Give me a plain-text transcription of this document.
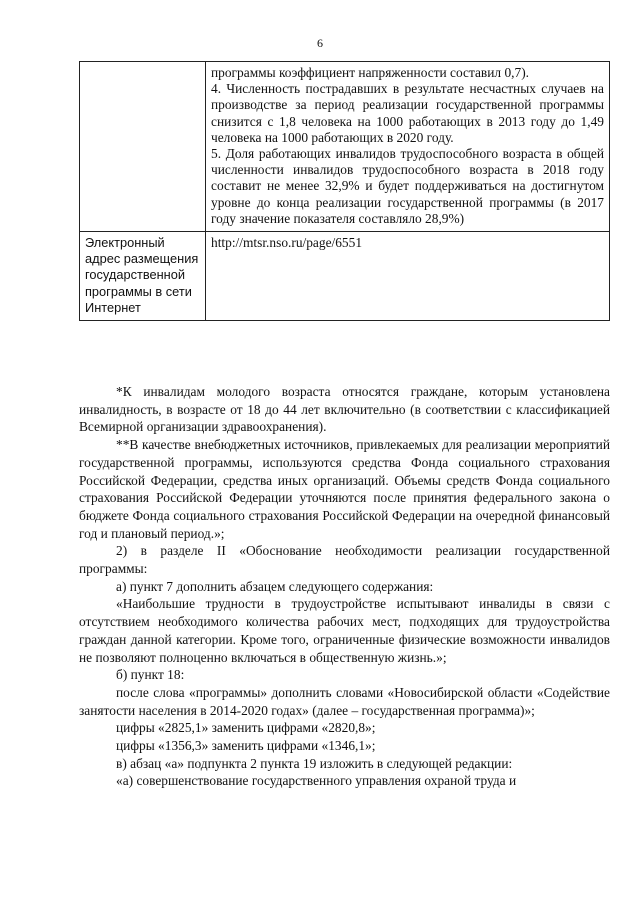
6

	программы коэффициент напряженности составил 0,7).
4. Численность пострадавших в результате несчастных случаев на производстве за период реализации государственной программы снизится с 1,8 человека на 1000 работающих в 2013 году до 1,49 человека на 1000 работающих в 2020 году.
5. Доля работающих инвалидов трудоспособного возраста в общей численности инвалидов трудоспособного возраста в 2018 году составит не менее 32,9% и будет поддерживаться на достигнутом уровне до конца реализации государственной программы (в 2017 году значение показателя составляло 28,9%)

Электронный адрес размещения государственной программы в сети Интернет	http://mtsr.nso.ru/page/6551

*К инвалидам молодого возраста относятся граждане, которым установлена инвалидность, в возрасте от 18 до 44 лет включительно (в соответствии с классификацией Всемирной организации здравоохранения).

**В качестве внебюджетных источников, привлекаемых для реализации мероприятий государственной программы, используются средства Фонда социального страхования Российской Федерации, средства иных организаций. Объемы средств Фонда социального страхования Российской Федерации уточняются после принятия федерального закона о бюджете Фонда социального страхования Российской Федерации на очередной финансовый год и плановый период.»;

2) в разделе II «Обоснование необходимости реализации государственной программы:

а) пункт 7 дополнить абзацем следующего содержания:

«Наибольшие трудности в трудоустройстве испытывают инвалиды в связи с отсутствием необходимого количества рабочих мест, подходящих для трудоустройства граждан данной категории. Кроме того, ограниченные физические возможности инвалидов не позволяют полноценно включаться в общественную жизнь.»;

б) пункт 18:

после слова «программы» дополнить словами «Новосибирской области «Содействие занятости населения в 2014-2020 годах» (далее – государственная программа)»;

цифры «2825,1» заменить цифрами «2820,8»;

цифры «1356,3» заменить цифрами «1346,1»;

в) абзац «а» подпункта 2 пункта 19 изложить в следующей редакции:

«а) совершенствование государственного управления охраной труда и
